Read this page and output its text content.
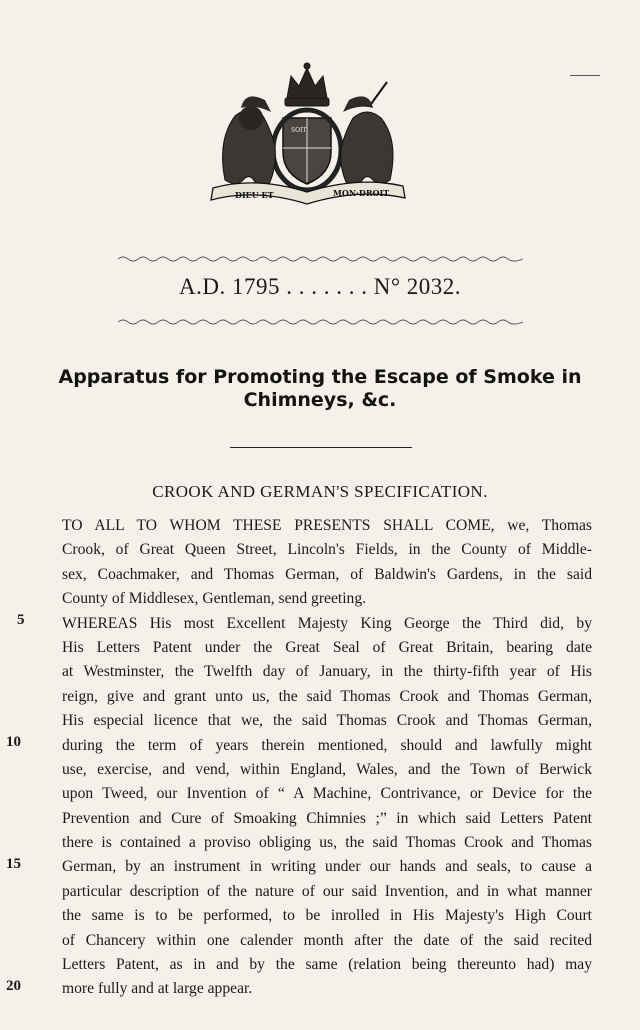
DIEU·ET	MON·DROIT
SOIT
A.D. 1795 . . . . . . . N° 2032.
Apparatus for Promoting the Escape of Smoke in
Chimneys, &c.
CROOK AND GERMAN'S SPECIFICATION.
TO ALL TO WHOM THESE PRESENTS SHALL COME, we, Thomas
Crook, of Great Queen Street, Lincoln's Fields, in the County of Middle-
sex, Coachmaker, and Thomas German, of Baldwin's Gardens, in the said
County of Middlesex, Gentleman, send greeting.
WHEREAS His most Excellent Majesty King George the Third did, by
His Letters Patent under the Great Seal of Great Britain, bearing date
at Westminster, the Twelfth day of January, in the thirty-fifth year of His
reign, give and grant unto us, the said Thomas Crook and Thomas German,
His especial licence that we, the said Thomas Crook and Thomas German,
during the term of years therein mentioned, should and lawfully might
use, exercise, and vend, within England, Wales, and the Town of Berwick
upon Tweed, our Invention of “ A Machine, Contrivance, or Device for the
Prevention and Cure of Smoaking Chimnies ;” in which said Letters Patent
there is contained a proviso obliging us, the said Thomas Crook and Thomas
German, by an instrument in writing under our hands and seals, to cause a
particular description of the nature of our said Invention, and in what manner
the same is to be performed, to be inrolled in His Majesty's High Court
of Chancery within one calender month after the date of the said recited
Letters Patent, as in and by the same (relation being thereunto had) may
more fully and at large appear.
5
10
15
20
